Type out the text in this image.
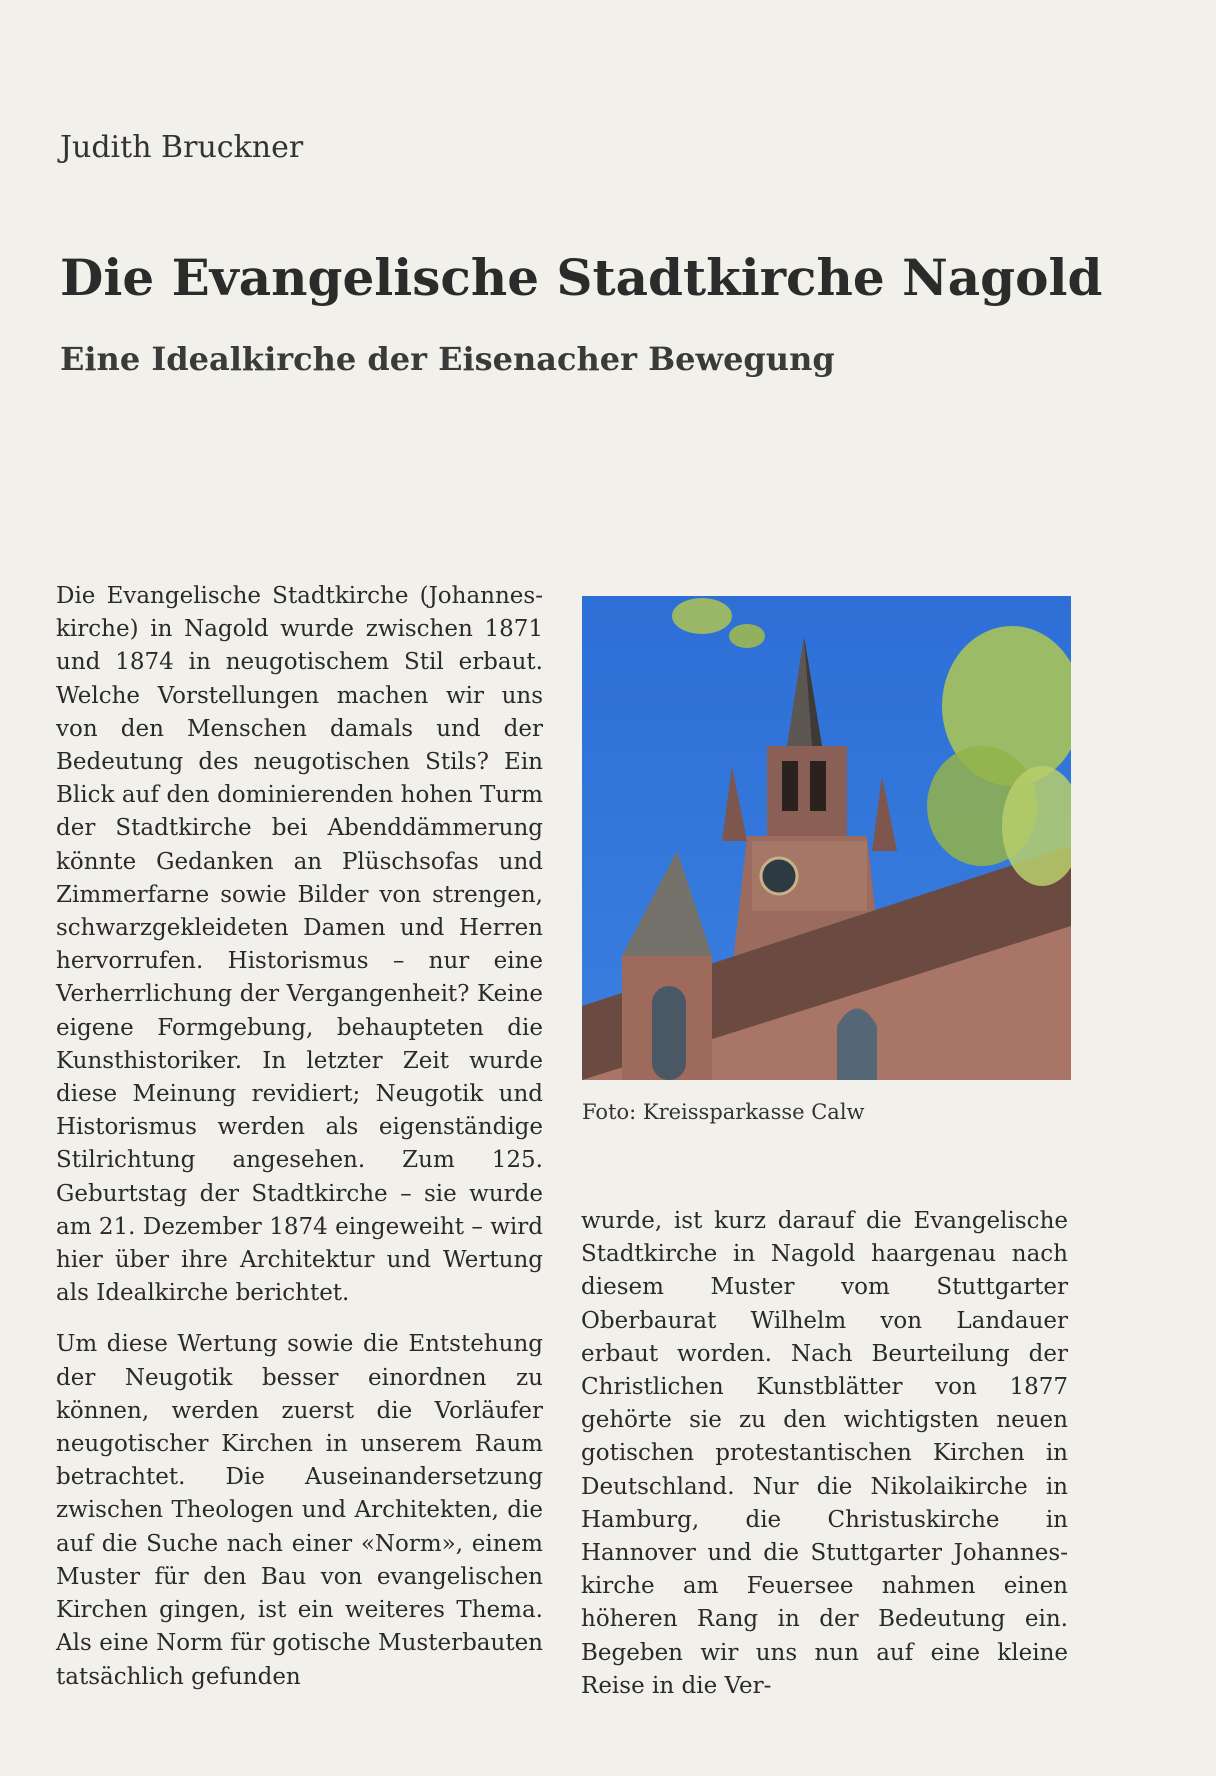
Judith Bruckner
Die Evangelische Stadtkirche Nagold
Eine Idealkirche der Eisenacher Bewegung

Die Evangelische Stadtkirche (Johanneskirche) in Nagold wurde zwischen 1871 und 1874 in neugotischem Stil erbaut. Welche Vorstellungen machen wir uns von den Menschen damals und der Bedeutung des neugotischen Stils? Ein Blick auf den dominierenden hohen Turm der Stadtkirche bei Abenddämmerung könnte Gedanken an Plüschsofas und Zimmerfarne sowie Bilder von strengen, schwarzgekleideten Damen und Herren hervorrufen. Historismus – nur eine Verherrlichung der Vergangenheit? Keine eigene Formgebung, behaupteten die Kunsthistoriker. In letzter Zeit wurde diese Meinung revidiert; Neugotik und Historismus werden als eigenständige Stilrichtung angesehen. Zum 125. Geburtstag der Stadtkirche – sie wurde am 21. Dezember 1874 eingeweiht – wird hier über ihre Architektur und Wertung als Idealkirche berichtet.

Um diese Wertung sowie die Entstehung der Neugotik besser einordnen zu können, werden zuerst die Vorläufer neugotischer Kirchen in unserem Raum betrachtet. Die Auseinandersetzung zwischen Theologen und Architekten, die auf die Suche nach einer «Norm», einem Muster für den Bau von evangelischen Kirchen gingen, ist ein weiteres Thema. Als eine Norm für gotische Musterbauten tatsächlich gefunden

Foto: Kreissparkasse Calw

wurde, ist kurz darauf die Evangelische Stadtkirche in Nagold haargenau nach diesem Muster vom Stuttgarter Oberbaurat Wilhelm von Landauer erbaut worden. Nach Beurteilung der Christlichen Kunstblätter von 1877 gehörte sie zu den wichtigsten neuen gotischen protestantischen Kirchen in Deutschland. Nur die Nikolaikirche in Hamburg, die Christuskirche in Hannover und die Stuttgarter Johanneskirche am Feuersee nahmen einen höheren Rang in der Bedeutung ein. Begeben wir uns nun auf eine kleine Reise in die Ver-
